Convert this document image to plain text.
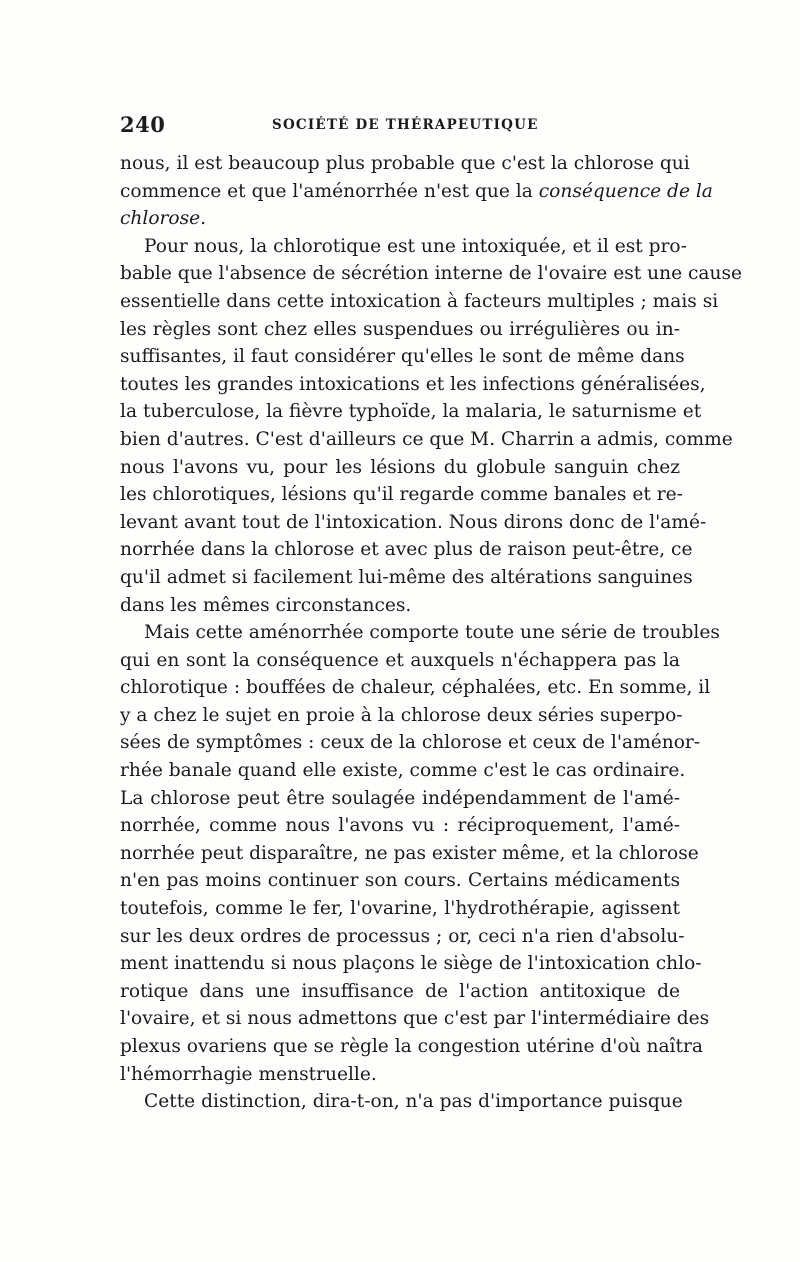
240	SOCIÉTÉ DE THÉRAPEUTIQUE
nous, il est beaucoup plus probable que c'est la chlorose qui
commence et que l'aménorrhée n'est que la conséquence de la
chlorose.
Pour nous, la chlorotique est une intoxiquée, et il est pro-
bable que l'absence de sécrétion interne de l'ovaire est une cause
essentielle dans cette intoxication à facteurs multiples ; mais si
les règles sont chez elles suspendues ou irrégulières ou in-
suffisantes, il faut considérer qu'elles le sont de même dans
toutes les grandes intoxications et les infections généralisées,
la tuberculose, la fièvre typhoïde, la malaria, le saturnisme et
bien d'autres. C'est d'ailleurs ce que M. Charrin a admis, comme
nous l'avons vu, pour les lésions du globule sanguin chez
les chlorotiques, lésions qu'il regarde comme banales et re-
levant avant tout de l'intoxication. Nous dirons donc de l'amé-
norrhée dans la chlorose et avec plus de raison peut-être, ce
qu'il admet si facilement lui-même des altérations sanguines
dans les mêmes circonstances.
Mais cette aménorrhée comporte toute une série de troubles
qui en sont la conséquence et auxquels n'échappera pas la
chlorotique : bouffées de chaleur, céphalées, etc. En somme, il
y a chez le sujet en proie à la chlorose deux séries superpo-
sées de symptômes : ceux de la chlorose et ceux de l'aménor-
rhée banale quand elle existe, comme c'est le cas ordinaire.
La chlorose peut être soulagée indépendamment de l'amé-
norrhée, comme nous l'avons vu : réciproquement, l'amé-
norrhée peut disparaître, ne pas exister même, et la chlorose
n'en pas moins continuer son cours. Certains médicaments
toutefois, comme le fer, l'ovarine, l'hydrothérapie, agissent
sur les deux ordres de processus ; or, ceci n'a rien d'absolu-
ment inattendu si nous plaçons le siège de l'intoxication chlo-
rotique dans une insuffisance de l'action antitoxique de
l'ovaire, et si nous admettons que c'est par l'intermédiaire des
plexus ovariens que se règle la congestion utérine d'où naîtra
l'hémorrhagie menstruelle.
Cette distinction, dira-t-on, n'a pas d'importance puisque
